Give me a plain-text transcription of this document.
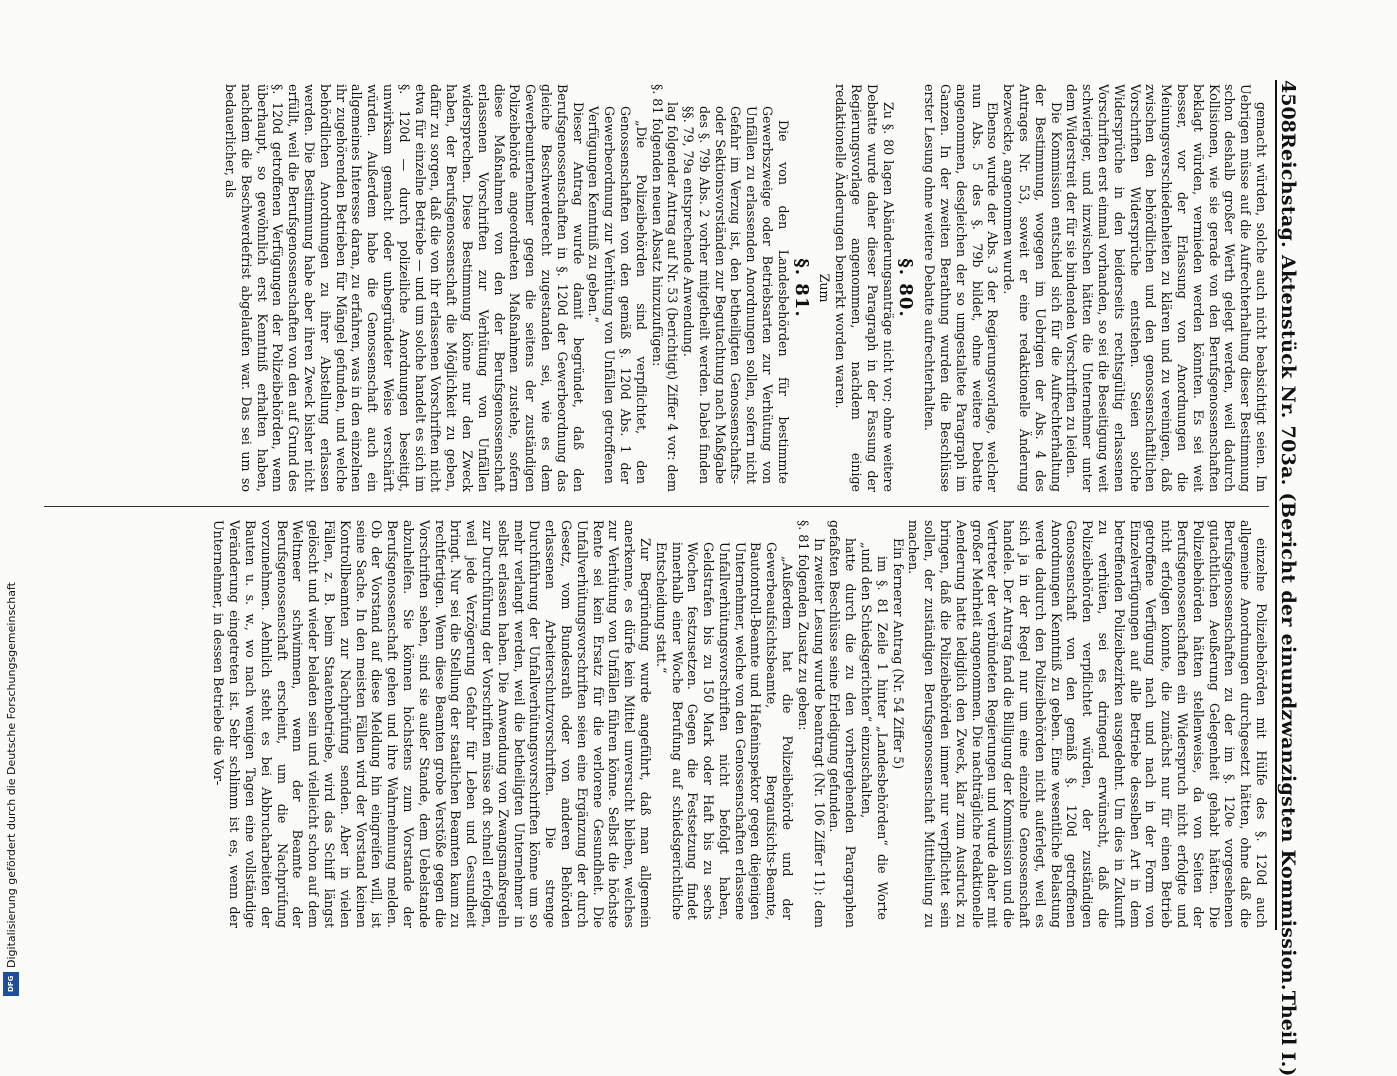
4508
Reichstag. Aktenstück Nr. 703a. (Bericht der einundzwanzigsten Kommission.
Theil I.)

gemacht würden, solche auch nicht beabsichtigt seien. Im Uebrigen müsse auf die Aufrechterhaltung dieser Bestimmung schon deshalb großer Werth gelegt werden, weil dadurch Kollisionen, wie sie gerade von den Berufsgenossenschaften beklagt würden, vermieden werden könnten. Es sei weit besser, vor der Erlassung von Anordnungen die Meinungsverschiedenheiten zu klären und zu vereinigen, daß zwischen den behördlichen und den genossenschaftlichen Vorschriften Widersprüche entstehen. Seien solche Widersprüche in den beiderseits rechtsgültig erlassenen Vorschriften erst einmal vorhanden, so sei die Beseitigung weit schwieriger, und inzwischen hätten die Unternehmer unter dem Widerstreit der für sie bindenden Vorschriften zu leiden.

Die Kommission entschied sich für die Aufrechterhaltung der Bestimmung, wogegen im Uebrigen der Abs. 4 des Antrages Nr. 53, soweit er eine redaktionelle Änderung bezweckte, angenommen wurde.

Ebenso wurde der Abs. 3 der Regierungsvorlage, welcher nun Abs. 5 des §. 79b bildet, ohne weitere Debatte angenommen, desgleichen der so umgestaltete Paragraph im Ganzen. In der zweiten Berathung wurden die Beschlüsse erster Lesung ohne weitere Debatte aufrechterhalten.

§. 80.

Zu §. 80 lagen Abänderungsanträge nicht vor; ohne weitere Debatte wurde daher dieser Paragraph in der Fassung der Regierungsvorlage angenommen, nachdem einige redaktionelle Änderungen bemerkt worden waren.

Zum

§. 81.

Die von den Landesbehörden für bestimmte Gewerbszweige oder Betriebsarten zur Verhütung von Unfällen zu erlassenden Anordnungen sollen, sofern nicht Gefahr im Verzug ist, den betheiligten Genossenschafts- oder Sektionsvorständen zur Begutachtung nach Maßgabe des §. 79b Abs. 2 vorher mitgetheilt werden. Dabei finden §§. 79, 79a entsprechende Anwendung.

lag folgender Antrag auf Nr. 53 (berichtigt) Ziffer 4 vor: dem §. 81 folgenden neuen Absatz hinzuzufügen:

„Die Polizeibehörden sind verpflichtet, den Genossenschaften von den gemäß §. 120d Abs. 1 der Gewerbeordnung zur Verhütung von Unfällen getroffenen Verfügungen Kenntniß zu geben.“

Dieser Antrag wurde damit begründet, daß den Berufsgenossenschaften in §. 120d der Gewerbeordnung das gleiche Beschwerderecht zugestanden sei, wie es dem Gewerbeunternehmer gegen die seitens der zuständigen Polizeibehörde angeordneten Maßnahmen zustehe, sofern diese Maßnahmen von den der Berufsgenossenschaft erlassenen Vorschriften zur Verhütung von Unfällen widersprechen. Diese Bestimmung könne nur den Zweck haben, der Berufsgenossenschaft die Möglichkeit zu geben, dafür zu sorgen, daß die von ihr erlassenen Vorschriften nicht etwa für einzelne Betriebe — und um solche handelt es sich im §. 120d — durch polizeiliche Anordnungen beseitigt, unwirksam gemacht oder unbegründeter Weise verschärft würden. Außerdem habe die Genossenschaft auch ein allgemeines Interesse daran, zu erfahren, was in den einzelnen ihr zugehörenden Betrieben für Mängel gefunden, und welche behördlichen Anordnungen zu ihrer Abstellung erlassen werden. Die Bestimmung habe aber ihren Zweck bisher nicht erfüllt, weil die Berufsgenossenschaften von den auf Grund des §. 120d getroffenen Verfügungen der Polizeibehörden, wenn überhaupt, so gewöhnlich erst Kenntniß erhalten haben, nachdem die Beschwerdefrist abgelaufen war. Das sei um so bedauerlicher, als

einzelne Polizeibehörden mit Hülfe des §. 120d auch allgemeine Anordnungen durchgesetzt hätten, ohne daß die Berufsgenossenschaften zu der im §. 120e vorgesehenen gutachtlichen Aeußerung Gelegenheit gehabt hätten. Die Polizeibehörden hätten stellenweise, da von Seiten der Berufsgenossenschaften ein Widerspruch nicht erfolgte und nicht erfolgen konnte, die zunächst nur für einen Betrieb getroffene Verfügung nach und nach in der Form von Einzelverfügungen auf alle Betriebe desselben Art in dem betreffenden Polizeibezirken ausgedehnt. Um dies in Zukunft zu verhüten, sei es dringend erwünscht, daß die Polizeibehörden verpflichtet würden, der zuständigen Genossenschaft von den gemäß §. 120d getroffenen Anordnungen Kenntniß zu geben. Eine wesentliche Belastung werde dadurch den Polizeibehörden nicht auferlegt, weil es sich ja in der Regel nur um eine einzelne Genossenschaft handele. Der Antrag fand die Billigung der Kommission und die Vertreter der verbündeten Regierungen und wurde daher mit großer Mehrheit angenommen. Die nachträgliche redaktionelle Aenderung hatte lediglich den Zweck, klar zum Ausdruck zu bringen, daß die Polizeibehörden immer nur verpflichtet sein sollen, der zuständigen Berufsgenossenschaft Mittheilung zu machen.

Ein fernerer Antrag (Nr. 54 Ziffer 5)

im §. 81 Zeile 1 hinter „Landesbehörden“ die Worte „und den Schiedsgerichten“ einzuschalten,

hatte durch die zu den vorhergehenden Paragraphen gefaßten Beschlüsse seine Erledigung gefunden.

In zweiter Lesung wurde beantragt (Nr. 106 Ziffer 11): dem §. 81 folgenden Zusatz zu geben:

„Außerdem hat die Polizeibehörde und der Gewerbeaufsichtsbeamte, Bergaufsichts-Beamte, Bautontroll-Beamte und Hafeninspektor gegen diejenigen Unternehmer, welche von den Genossenschaften erlassene Unfallverhütungsvorschriften nicht befolgt haben, Geldstrafen bis zu 150 Mark oder Haft bis zu sechs Wochen festzusetzen. Gegen die Festsetzung findet innerhalb einer Woche Berufung auf schiedsgerichtliche Entscheidung statt.“

Zur Begründung wurde angeführt, daß man allgemein anerkenne, es dürfe kein Mittel unversucht bleiben, welches zur Verhütung von Unfällen führen könne. Selbst die höchste Rente sei kein Ersatz für die verlorene Gesundheit. Die Unfallverhütungsvorschriften seien eine Ergänzung der durch Gesetz, vom Bundesrath oder von anderen Behörden erlassenen Arbeiterschutzvorschriften. Die strenge Durchführung der Unfallverhütungsvorschriften könne um so mehr verlangt werden, weil die betheiligten Unternehmer in selbst erlassen haben. Die Anwendung von Zwangsmaßregeln zur Durchführung der Vorschriften müsse oft schnell erfolgen, weil jede Verzögerung Gefahr für Leben und Gesundheit bringt. Nur sei die Stellung der staatlichen Beamten kaum zu rechtfertigen. Wenn diese Beamten grobe Verstöße gegen die Vorschriften sehen, sind sie außer Stande, dem Uebelstande abzuhelfen. Sie können höchstens zum Vorstande der Berufsgenossenschaft gehen und ihre Wahrnehmung melden. Ob der Vorstand auf diese Meldung hin eingreifen will, ist seine Sache. In den meisten Fällen wird der Vorstand keinen Kontrollbeamten zur Nachprüfung senden. Aber in vielen Fällen, z. B. beim Staatenbetriebe, wird das Schiff längst gelöscht und wieder beladen sein und vielleicht schon auf dem Weltmeer schwimmen, wenn der Beamte der Berufsgenossenschaft erscheint, um die Nachprüfung vorzunehmen. Aehnlich steht es bei Abbrucharbeiten der Bauten u. s. w., wo nach wenigen Tagen eine vollständige Veränderung eingetreten ist. Sehr schlimm ist es, wenn der Unternehmer, in dessen Betriebe die Vor-

Digitalisierung gefördert durch die Deutsche Forschungsgemeinschaft
DFG
